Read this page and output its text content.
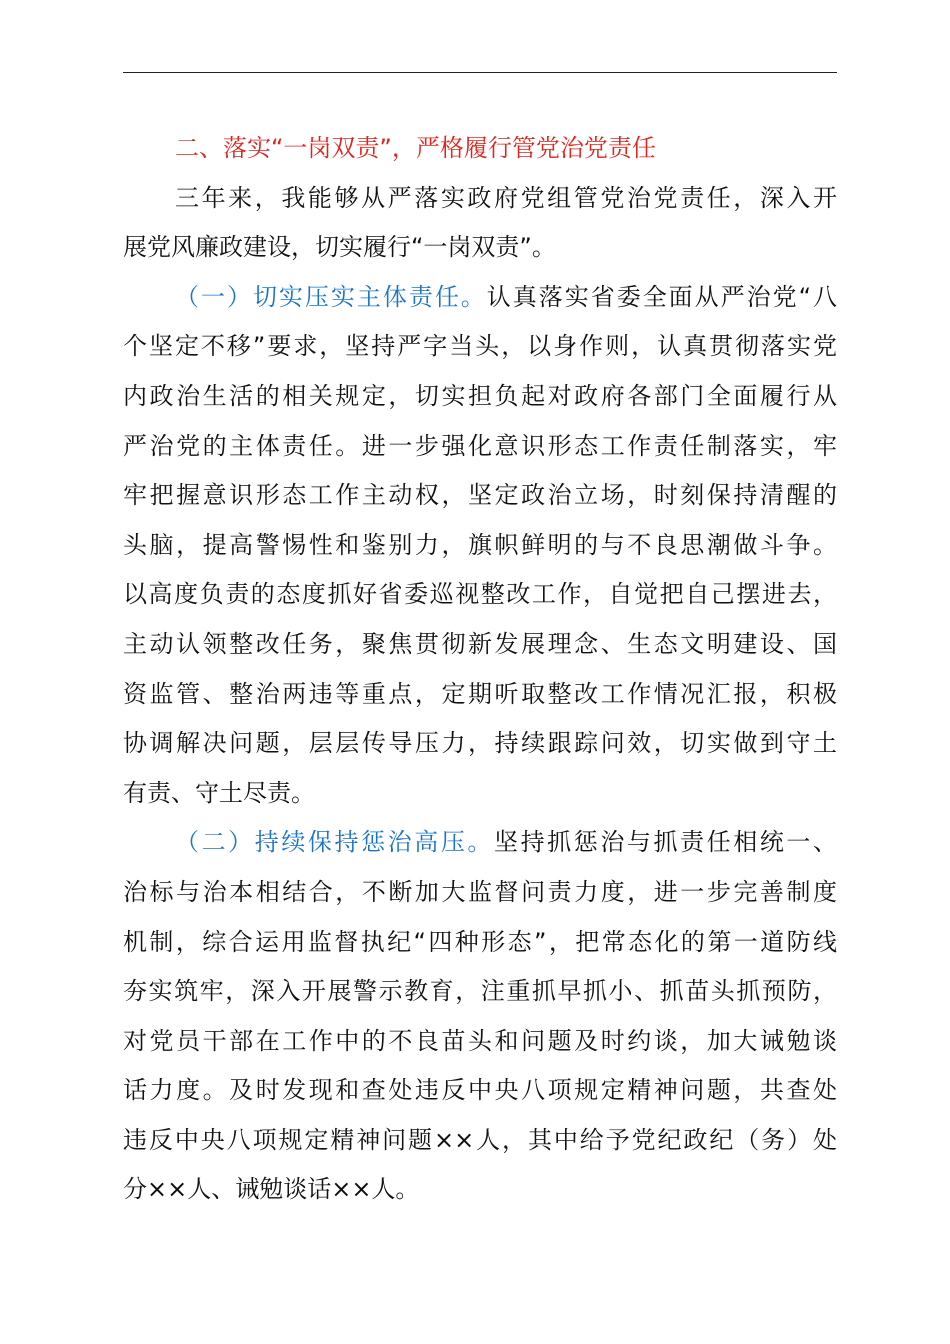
二、落实“一岗双责”，严格履行管党治党责任
三年来，我能够从严落实政府党组管党治党责任，深入开
展党风廉政建设，切实履行“一岗双责”。
（一）切实压实主体责任。认真落实省委全面从严治党“八
个坚定不移”要求，坚持严字当头，以身作则，认真贯彻落实党
内政治生活的相关规定，切实担负起对政府各部门全面履行从
严治党的主体责任。进一步强化意识形态工作责任制落实，牢
牢把握意识形态工作主动权，坚定政治立场，时刻保持清醒的
头脑，提高警惕性和鉴别力，旗帜鲜明的与不良思潮做斗争。
以高度负责的态度抓好省委巡视整改工作，自觉把自己摆进去，
主动认领整改任务，聚焦贯彻新发展理念、生态文明建设、国
资监管、整治两违等重点，定期听取整改工作情况汇报，积极
协调解决问题，层层传导压力，持续跟踪问效，切实做到守土
有责、守土尽责。
（二）持续保持惩治高压。坚持抓惩治与抓责任相统一、
治标与治本相结合，不断加大监督问责力度，进一步完善制度
机制，综合运用监督执纪“四种形态”，把常态化的第一道防线
夯实筑牢，深入开展警示教育，注重抓早抓小、抓苗头抓预防，
对党员干部在工作中的不良苗头和问题及时约谈，加大诫勉谈
话力度。及时发现和查处违反中央八项规定精神问题，共查处
违反中央八项规定精神问题××人，其中给予党纪政纪（务）处
分××人、诫勉谈话××人。
